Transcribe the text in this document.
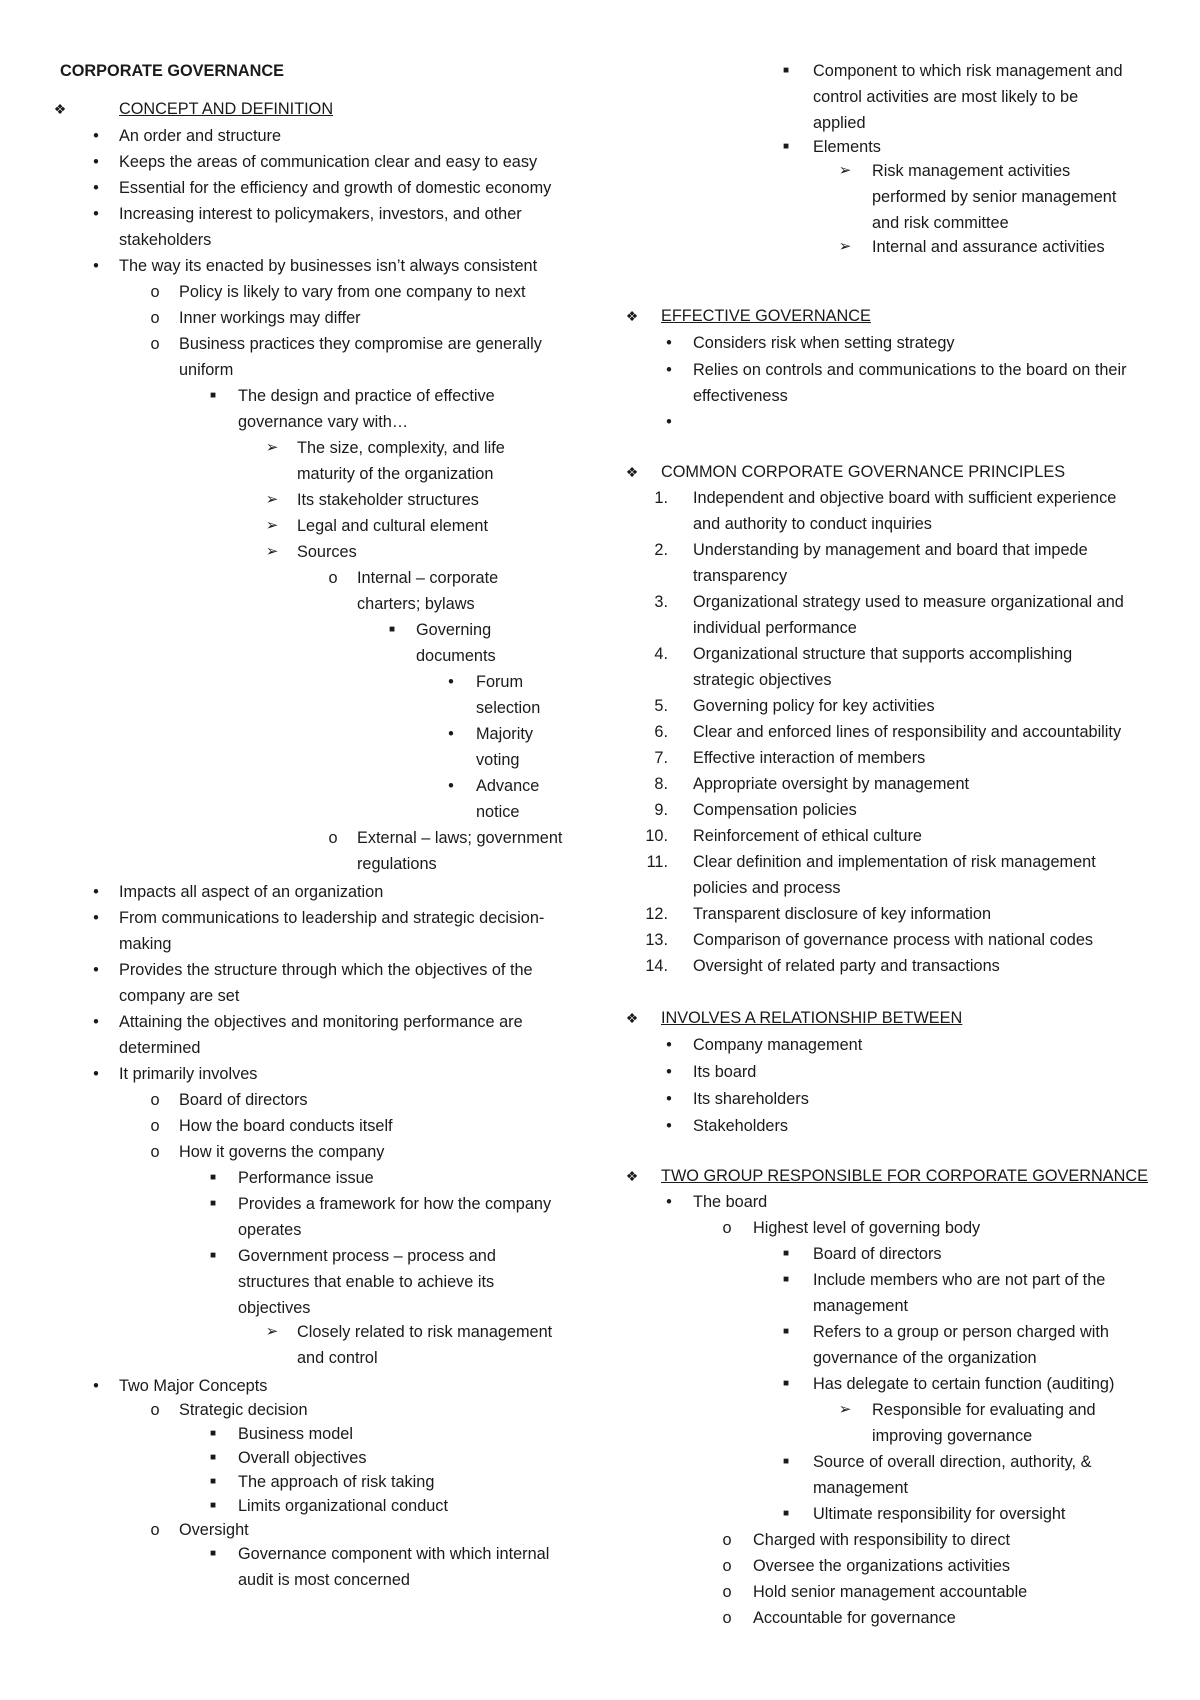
CORPORATE GOVERNANCE
❖	CONCEPT AND DEFINITION
•	An order and structure
•	Keeps the areas of communication clear and easy to easy
•	Essential for the efficiency and growth of domestic economy
•	Increasing interest to policymakers, investors, and other
stakeholders
•	The way its enacted by businesses isn’t always consistent
o	Policy is likely to vary from one company to next
o	Inner workings may differ
o	Business practices they compromise are generally
uniform
■	The design and practice of effective
governance vary with…
➢ The size, complexity, and life
maturity of the organization
➢ Its stakeholder structures
➢ Legal and cultural element
➢ Sources
o	Internal – corporate
charters; bylaws
■	Governing
documents
•	Forum
selection
•	Majority
voting
•	Advance
notice
o	External – laws; government
regulations
•	Impacts all aspect of an organization
•	From communications to leadership and strategic decision-
making
•	Provides the structure through which the objectives of the
company are set
•	Attaining the objectives and monitoring performance are
determined
•	It primarily involves
o	Board of directors
o	How the board conducts itself
o	How it governs the company
■	Performance issue
■	Provides a framework for how the company
operates
■	Government process – process and
structures that enable to achieve its
objectives
➢ Closely related to risk management
and control
•	Two Major Concepts
o	Strategic decision
■	Business model
■	Overall objectives
■	The approach of risk taking
■	Limits organizational conduct
o	Oversight
■	Governance component with which internal
audit is most concerned
■	Component to which risk management and
control activities are most likely to be
applied
■	Elements
➢ Risk management activities
performed by senior management
and risk committee
➢ Internal and assurance activities
❖ EFFECTIVE GOVERNANCE
•	Considers risk when setting strategy
•	Relies on controls and communications to the board on their
effectiveness
•
❖ COMMON CORPORATE GOVERNANCE PRINCIPLES
1. Independent and objective board with sufficient experience
and authority to conduct inquiries
2. Understanding by management and board that impede
transparency
3. Organizational strategy used to measure organizational and
individual performance
4. Organizational structure that supports accomplishing
strategic objectives
5. Governing policy for key activities
6. Clear and enforced lines of responsibility and accountability
7. Effective interaction of members
8. Appropriate oversight by management
9. Compensation policies
10. Reinforcement of ethical culture
11. Clear definition and implementation of risk management
policies and process
12. Transparent disclosure of key information
13. Comparison of governance process with national codes
14. Oversight of related party and transactions
❖ INVOLVES A RELATIONSHIP BETWEEN
•	Company management
•	Its board
•	Its shareholders
•	Stakeholders
❖ TWO GROUP RESPONSIBLE FOR CORPORATE GOVERNANCE
•	The board
o	Highest level of governing body
■	Board of directors
■	Include members who are not part of the
management
■	Refers to a group or person charged with
governance of the organization
■	Has delegate to certain function (auditing)
➢ Responsible for evaluating and
improving governance
■	Source of overall direction, authority, &
management
■	Ultimate responsibility for oversight
o	Charged with responsibility to direct
o	Oversee the organizations activities
o	Hold senior management accountable
o	Accountable for governance
